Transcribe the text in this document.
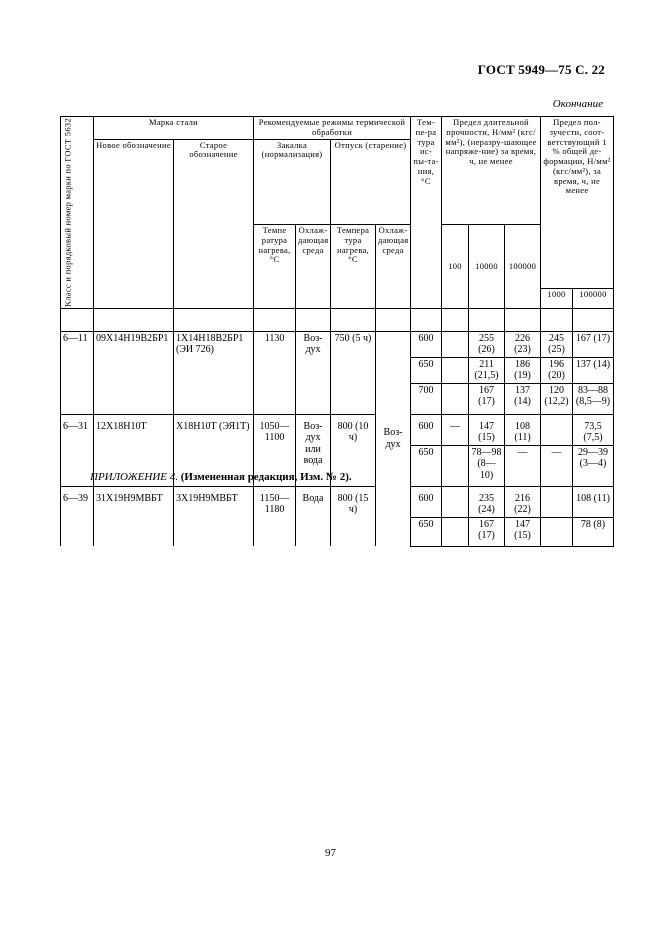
ГОСТ 5949—75 С. 22
Окончание
Класс и порядковый номер марки по ГОСТ 5632	Марка стали		Рекомендуемые режимы термической обработки				Тем-пе-ра тура ис-пы-та-ния, °С	Предел длительной прочности, Н/мм² (кгс/мм²), (неразру-шающее напряже-ние) за время, ч, не менее			Предел пол-зучести, соот-ветствующий 1 % общей де-формации, Н/мм² (кгс/мм²), за время, ч, не менее	
	Новое обозначение	Старое обозначение	Закалка (нормализация)		Отпуск (старение)							
			Темпе ратура нагрева, °С	Охлаж-дающая среда	Темпера тура нагрева, °С	Охлаж-дающая среда		100	10000	100000		
											1000	100000

6—11	09Х14Н19В2БР1	1Х14Н18В2БР1 (ЭИ 726)	1130	Воз-дух	750 (5 ч)	Воз-дух	600		255 (26)	226 (23)	245 (25)	167 (17)
							650		211 (21,5)	186 (19)	196 (20)	137 (14)
							700		167 (17)	137 (14)	120 (12,2)	83—88 (8,5—9)
6—31	12Х18Н10Т	Х18Н10Т (ЭЯ1Т)	1050— 1100	Воз-дух или вода	800 (10 ч)		600	—	147 (15)	108 (11)		73,5 (7,5)
							650		78—98 (8— 10)	—	—	29—39 (3—4)
6—39	31Х19Н9МВБТ	3Х19Н9МВБТ	1150— 1180	Вода	800 (15 ч)		600		235 (24)	216 (22)		108 (11)
							650		167 (17)	147 (15)		78 (8)
ПРИЛОЖЕНИЕ 4. (Измененная редакция, Изм. № 2).
97
